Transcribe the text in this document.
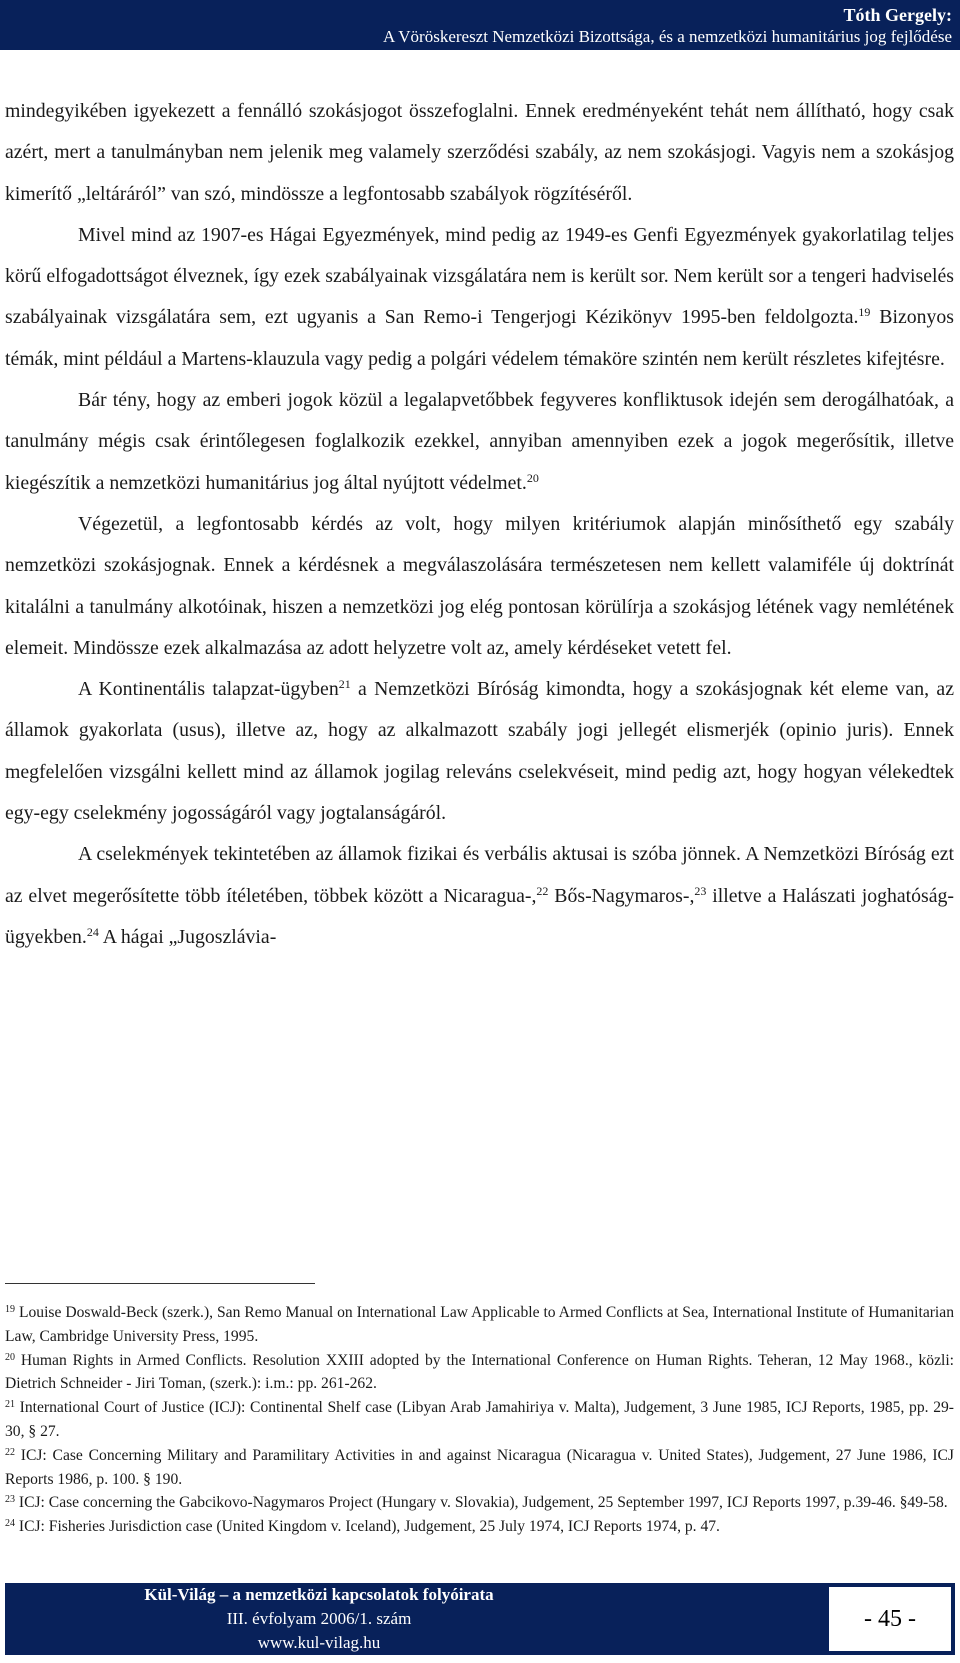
Tóth Gergely:
A Vöröskereszt Nemzetközi Bizottsága, és a nemzetközi humanitárius jog fejlődése

mindegyikében igyekezett a fennálló szokásjogot összefoglalni. Ennek eredményeként tehát nem állítható, hogy csak azért, mert a tanulmányban nem jelenik meg valamely szerződési szabály, az nem szokásjogi. Vagyis nem a szokásjog kimerítő „leltáráról” van szó, mindössze a legfontosabb szabályok rögzítéséről.

Mivel mind az 1907-es Hágai Egyezmények, mind pedig az 1949-es Genfi Egyezmények gyakorlatilag teljes körű elfogadottságot élveznek, így ezek szabályainak vizsgálatára nem is került sor. Nem került sor a tengeri hadviselés szabályainak vizsgálatára sem, ezt ugyanis a San Remo-i Tengerjogi Kézikönyv 1995-ben feldolgozta.$^{19}$ Bizonyos témák, mint például a Martens-klauzula vagy pedig a polgári védelem témaköre szintén nem került részletes kifejtésre.

Bár tény, hogy az emberi jogok közül a legalapvetőbbek fegyveres konfliktusok idején sem derogálhatóak, a tanulmány mégis csak érintőlegesen foglalkozik ezekkel, annyiban amennyiben ezek a jogok megerősítik, illetve kiegészítik a nemzetközi humanitárius jog által nyújtott védelmet.$^{20}$

Végezetül, a legfontosabb kérdés az volt, hogy milyen kritériumok alapján minősíthető egy szabály nemzetközi szokásjognak. Ennek a kérdésnek a megválaszolására természetesen nem kellett valamiféle új doktrínát kitalálni a tanulmány alkotóinak, hiszen a nemzetközi jog elég pontosan körülírja a szokásjog létének vagy nemlétének elemeit. Mindössze ezek alkalmazása az adott helyzetre volt az, amely kérdéseket vetett fel.

A Kontinentális talapzat-ügyben$^{21}$ a Nemzetközi Bíróság kimondta, hogy a szokásjognak két eleme van, az államok gyakorlata (usus), illetve az, hogy az alkalmazott szabály jogi jellegét elismerjék (opinio juris). Ennek megfelelően vizsgálni kellett mind az államok jogilag releváns cselekvéseit, mind pedig azt, hogy hogyan vélekedtek egy-egy cselekmény jogosságáról vagy jogtalanságáról.

A cselekmények tekintetében az államok fizikai és verbális aktusai is szóba jönnek. A Nemzetközi Bíróság ezt az elvet megerősítette több ítéletében, többek között a Nicaragua-,$^{22}$ Bős-Nagymaros-,$^{23}$ illetve a Halászati joghatóság-ügyekben.$^{24}$ A hágai „Jugoszlávia-

$^{19}$ Louise Doswald-Beck (szerk.), San Remo Manual on International Law Applicable to Armed Conflicts at Sea, International Institute of Humanitarian Law, Cambridge University Press, 1995.

$^{20}$ Human Rights in Armed Conflicts. Resolution XXIII adopted by the International Conference on Human Rights. Teheran, 12 May 1968., közli: Dietrich Schneider - Jiri Toman, (szerk.): i.m.: pp. 261-262.

$^{21}$ International Court of Justice (ICJ): Continental Shelf case (Libyan Arab Jamahiriya v. Malta), Judgement, 3 June 1985, ICJ Reports, 1985, pp. 29-30, § 27.

$^{22}$ ICJ: Case Concerning Military and Paramilitary Activities in and against Nicaragua (Nicaragua v. United States), Judgement, 27 June 1986, ICJ Reports 1986, p. 100. § 190.

$^{23}$ ICJ: Case concerning the Gabcikovo-Nagymaros Project (Hungary v. Slovakia), Judgement, 25 September 1997, ICJ Reports 1997, p.39-46. §49-58.

$^{24}$ ICJ: Fisheries Jurisdiction case (United Kingdom v. Iceland), Judgement, 25 July 1974, ICJ Reports 1974, p. 47.

Kül-Világ – a nemzetközi kapcsolatok folyóirata
III. évfolyam 2006/1. szám
www.kul-vilag.hu
- 45 -
